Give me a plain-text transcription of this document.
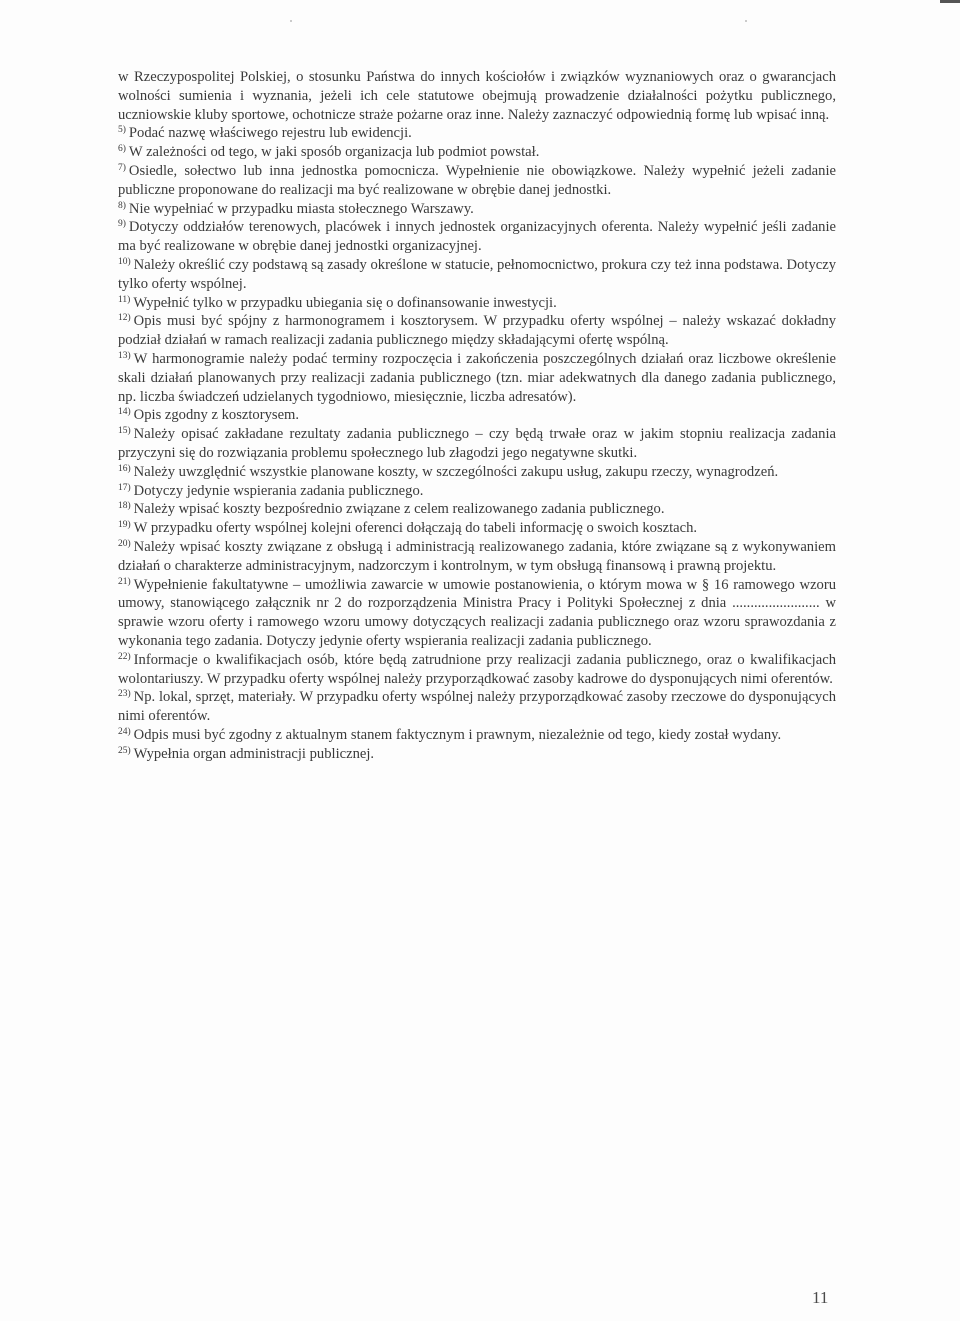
w Rzeczypospolitej Polskiej, o stosunku Państwa do innych kościołów i związków wyznaniowych oraz o gwarancjach wolności sumienia i wyznania, jeżeli ich cele statutowe obejmują prowadzenie działalności pożytku publicznego, uczniowskie kluby sportowe, ochotnicze straże pożarne oraz inne. Należy zaznaczyć odpowiednią formę lub wpisać inną.

$^{5)}$ Podać nazwę właściwego rejestru lub ewidencji.

$^{6)}$ W zależności od tego, w jaki sposób organizacja lub podmiot powstał.

$^{7)}$ Osiedle, sołectwo lub inna jednostka pomocnicza. Wypełnienie nie obowiązkowe. Należy wypełnić jeżeli zadanie publiczne proponowane do realizacji ma być realizowane w obrębie danej jednostki.

$^{8)}$ Nie wypełniać w przypadku miasta stołecznego Warszawy.

$^{9)}$ Dotyczy oddziałów terenowych, placówek i innych jednostek organizacyjnych oferenta. Należy wypełnić jeśli zadanie ma być realizowane w obrębie danej jednostki organizacyjnej.

$^{10)}$ Należy określić czy podstawą są zasady określone w statucie, pełnomocnictwo, prokura czy też inna podstawa. Dotyczy tylko oferty wspólnej.

$^{11)}$ Wypełnić tylko w przypadku ubiegania się o dofinansowanie inwestycji.

$^{12)}$ Opis musi być spójny z harmonogramem i kosztorysem. W przypadku oferty wspólnej – należy wskazać dokładny podział działań w ramach realizacji zadania publicznego między składającymi ofertę wspólną.

$^{13)}$ W harmonogramie należy podać terminy rozpoczęcia i zakończenia poszczególnych działań oraz liczbowe określenie skali działań planowanych przy realizacji zadania publicznego (tzn. miar adekwatnych dla danego zadania publicznego, np. liczba świadczeń udzielanych tygodniowo, miesięcznie, liczba adresatów).

$^{14)}$ Opis zgodny z kosztorysem.

$^{15)}$ Należy opisać zakładane rezultaty zadania publicznego – czy będą trwałe oraz w jakim stopniu realizacja zadania przyczyni się do rozwiązania problemu społecznego lub złagodzi jego negatywne skutki.

$^{16)}$ Należy uwzględnić wszystkie planowane koszty, w szczególności zakupu usług, zakupu rzeczy, wynagrodzeń.

$^{17)}$ Dotyczy jedynie wspierania zadania publicznego.

$^{18)}$ Należy wpisać koszty bezpośrednio związane z celem realizowanego zadania publicznego.

$^{19)}$ W przypadku oferty wspólnej kolejni oferenci dołączają do tabeli informację o swoich kosztach.

$^{20)}$ Należy wpisać koszty związane z obsługą i administracją realizowanego zadania, które związane są z wykonywaniem działań o charakterze administracyjnym, nadzorczym i kontrolnym, w tym obsługą finansową i prawną projektu.

$^{21)}$ Wypełnienie fakultatywne – umożliwia zawarcie w umowie postanowienia, o którym mowa w § 16 ramowego wzoru umowy, stanowiącego załącznik nr 2 do rozporządzenia Ministra Pracy i Polityki Społecznej z dnia ........................ w sprawie wzoru oferty i ramowego wzoru umowy dotyczących realizacji zadania publicznego oraz wzoru sprawozdania z wykonania tego zadania. Dotyczy jedynie oferty wspierania realizacji zadania publicznego.

$^{22)}$ Informacje o kwalifikacjach osób, które będą zatrudnione przy realizacji zadania publicznego, oraz o kwalifikacjach wolontariuszy. W przypadku oferty wspólnej należy przyporządkować zasoby kadrowe do dysponujących nimi oferentów.

$^{23)}$ Np. lokal, sprzęt, materiały. W przypadku oferty wspólnej należy przyporządkować zasoby rzeczowe do dysponujących nimi oferentów.

$^{24)}$ Odpis musi być zgodny z aktualnym stanem faktycznym i prawnym, niezależnie od tego, kiedy został wydany.

$^{25)}$ Wypełnia organ administracji publicznej.

11
